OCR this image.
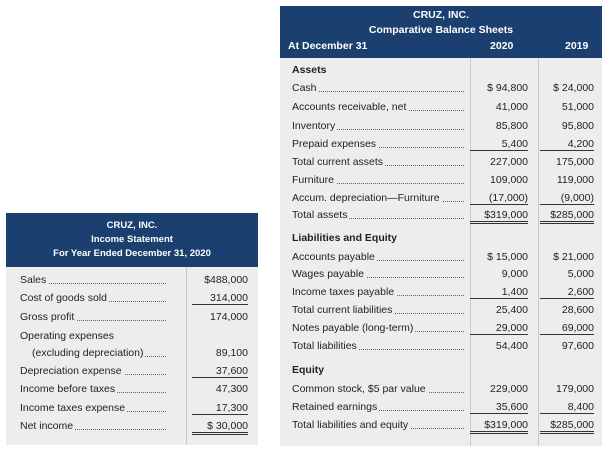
CRUZ, INC.
Comparative Balance Sheets
At December 31	2020	2019
Assets
Cash	$ 94,800	$ 24,000
Accounts receivable, net	41,000	51,000
Inventory	85,800	95,800
Prepaid expenses	5,400	4,200
Total current assets	227,000	175,000
Furniture	109,000	119,000
Accum. depreciation—Furniture	(17,000)	(9,000)
Total assets	$319,000	$285,000
Liabilities and Equity
Accounts payable	$ 15,000	$ 21,000
Wages payable	9,000	5,000
Income taxes payable	1,400	2,600
Total current liabilities	25,400	28,600
Notes payable (long-term)	29,000	69,000
Total liabilities	54,400	97,600
Equity
Common stock, $5 par value	229,000	179,000
Retained earnings	35,600	8,400
Total liabilities and equity	$319,000	$285,000
CRUZ, INC.
Income Statement
For Year Ended December 31, 2020
Sales	$488,000
Cost of goods sold	314,000
Gross profit	174,000
Operating expenses
(excluding depreciation)	89,100
Depreciation expense	37,600
Income before taxes	47,300
Income taxes expense	17,300
Net income	$ 30,000
